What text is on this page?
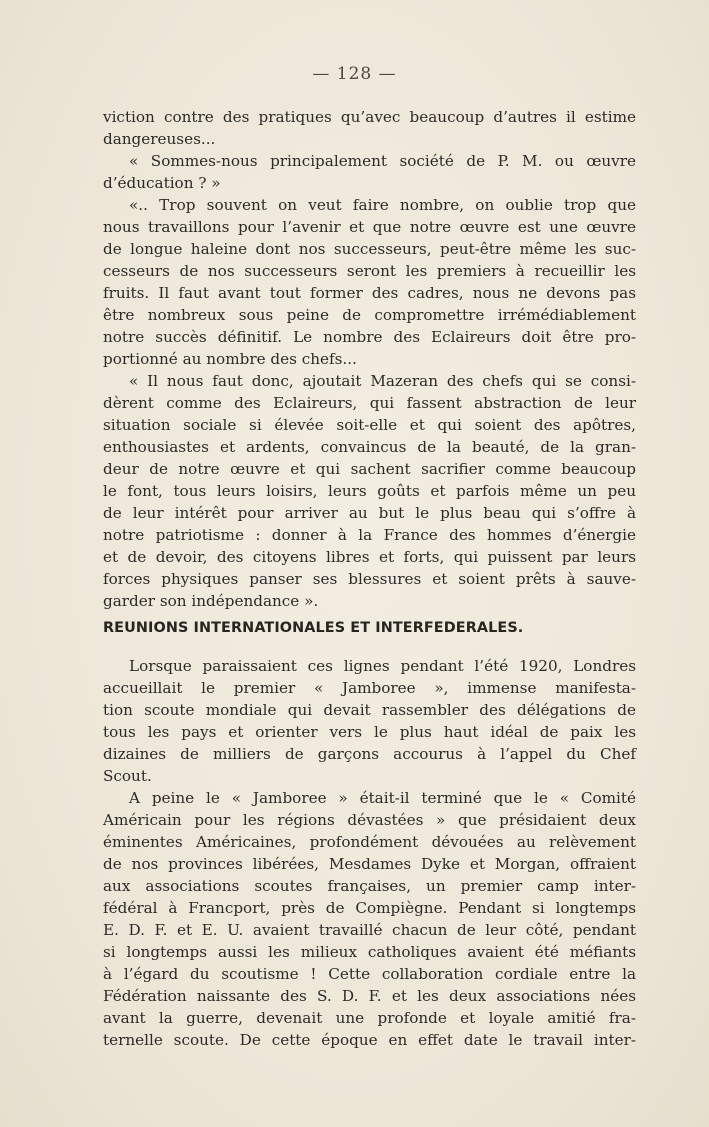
— 128 —
viction contre des pratiques qu’avec beaucoup d’autres il estime
dangereuses...
« Sommes-nous principalement société de P. M. ou œuvre
d’éducation ? »
«.. Trop souvent on veut faire nombre, on oublie trop que
nous travaillons pour l’avenir et que notre œuvre est une œuvre
de longue haleine dont nos successeurs, peut-être même les suc-
cesseurs de nos successeurs seront les premiers à recueillir les
fruits. Il faut avant tout former des cadres, nous ne devons pas
être nombreux sous peine de compromettre irrémédiablement
notre succès définitif. Le nombre des Eclaireurs doit être pro-
portionné au nombre des chefs...
« Il nous faut donc, ajoutait Mazeran des chefs qui se consi-
dèrent comme des Eclaireurs, qui fassent abstraction de leur
situation sociale si élevée soit-elle et qui soient des apôtres,
enthousiastes et ardents, convaincus de la beauté, de la gran-
deur de notre œuvre et qui sachent sacrifier comme beaucoup
le font, tous leurs loisirs, leurs goûts et parfois même un peu
de leur intérêt pour arriver au but le plus beau qui s’offre à
notre patriotisme : donner à la France des hommes d’énergie
et de devoir, des citoyens libres et forts, qui puissent par leurs
forces physiques panser ses blessures et soient prêts à sauve-
garder son indépendance ».
REUNIONS INTERNATIONALES ET INTERFEDERALES.
Lorsque paraissaient ces lignes pendant l’été 1920, Londres
accueillait le premier « Jamboree », immense manifesta-
tion scoute mondiale qui devait rassembler des délégations de
tous les pays et orienter vers le plus haut idéal de paix les
dizaines de milliers de garçons accourus à l’appel du Chef
Scout.
A peine le « Jamboree » était-il terminé que le « Comité
Américain pour les régions dévastées » que présidaient deux
éminentes Américaines, profondément dévouées au relèvement
de nos provinces libérées, Mesdames Dyke et Morgan, offraient
aux associations scoutes françaises, un premier camp inter-
fédéral à Francport, près de Compiègne. Pendant si longtemps
E. D. F. et E. U. avaient travaillé chacun de leur côté, pendant
si longtemps aussi les milieux catholiques avaient été méfiants
à l’égard du scoutisme ! Cette collaboration cordiale entre la
Fédération naissante des S. D. F. et les deux associations nées
avant la guerre, devenait une profonde et loyale amitié fra-
ternelle scoute. De cette époque en effet date le travail inter-
